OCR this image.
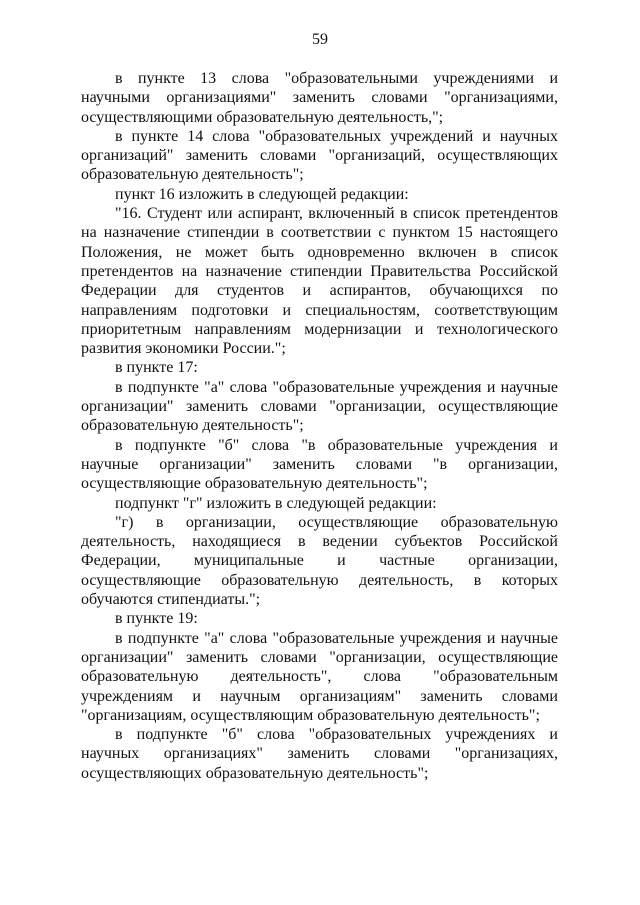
59

в пункте 13 слова "образовательными учреждениями и научными организациями" заменить словами "организациями, осуществляющими образовательную деятельность,";

в пункте 14 слова "образовательных учреждений и научных организаций" заменить словами "организаций, осуществляющих образовательную деятельность";

пункт 16 изложить в следующей редакции:

"16. Студент или аспирант, включенный в список претендентов на назначение стипендии в соответствии с пунктом 15 настоящего Положения, не может быть одновременно включен в список претендентов на назначение стипендии Правительства Российской Федерации для студентов и аспирантов, обучающихся по направлениям подготовки и специальностям, соответствующим приоритетным направлениям модернизации и технологического развития экономики России.";

в пункте 17:

в подпункте "а" слова "образовательные учреждения и научные организации" заменить словами "организации, осуществляющие образовательную деятельность";

в подпункте "б" слова "в образовательные учреждения и научные организации" заменить словами "в организации, осуществляющие образовательную деятельность";

подпункт "г" изложить в следующей редакции:

"г) в организации, осуществляющие образовательную деятельность, находящиеся в ведении субъектов Российской Федерации, муниципальные и частные организации, осуществляющие образовательную деятельность, в которых обучаются стипендиаты.";

в пункте 19:

в подпункте "а" слова "образовательные учреждения и научные организации" заменить словами "организации, осуществляющие образовательную деятельность", слова "образовательным учреждениям и научным организациям" заменить словами "организациям, осуществляющим образовательную деятельность";

в подпункте "б" слова "образовательных учреждениях и научных организациях" заменить словами "организациях, осуществляющих образовательную деятельность";
